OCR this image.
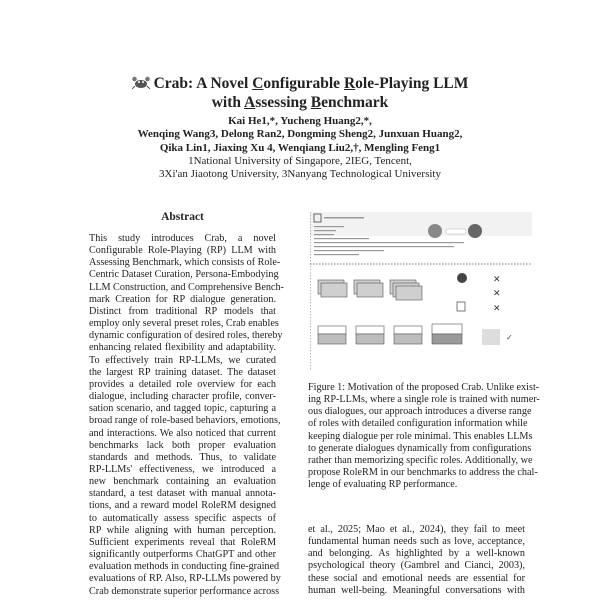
Crab: A Novel Configurable Role-Playing LLM
with Assessing Benchmark
Kai He1,*, Yucheng Huang2,*,
Wenqing Wang3, Delong Ran2, Dongming Sheng2, Junxuan Huang2,
Qika Lin1, Jiaxing Xu 4, Wenqiang Liu2,†, Mengling Feng1
1National University of Singapore, 2IEG, Tencent,
3Xi'an Jiaotong University, 3Nanyang Technological University
Abstract
This study introduces Crab, a novel
Configurable Role-Playing (RP) LLM with
Assessing Benchmark, which consists of Role-
Centric Dataset Curation, Persona-Embodying
LLM Construction, and Comprehensive Bench-
mark Creation for RP dialogue generation.
Distinct from traditional RP models that
employ only several preset roles, Crab enables
dynamic configuration of desired roles, thereby
enhancing related flexibility and adaptability.
To effectively train RP-LLMs, we curated
the largest RP training dataset. The dataset
provides a detailed role overview for each
dialogue, including character profile, conver-
sation scenario, and tagged topic, capturing a
broad range of role-based behaviors, emotions,
and interactions. We also noticed that current
benchmarks lack both proper evaluation
standards and methods. Thus, to validate
RP-LLMs' effectiveness, we introduced a
new benchmark containing an evaluation
standard, a test dataset with manual annota-
tions, and a reward model RoleRM designed
to automatically assess specific aspects of
RP while aligning with human perception.
Sufficient experiments reveal that RoleRM
significantly outperforms ChatGPT and other
evaluation methods in conducting fine-grained
evaluations of RP. Also, RP-LLMs powered by
Crab demonstrate superior performance across
✕
✕
✕
✓
Figure 1: Motivation of the proposed Crab. Unlike exist-
ing RP-LLMs, where a single role is trained with numer-
ous dialogues, our approach introduces a diverse range
of roles with detailed configuration information while
keeping dialogue per role minimal. This enables LLMs
to generate dialogues dynamically from configurations
rather than memorizing specific roles. Additionally, we
propose RoleRM in our benchmarks to address the chal-
lenge of evaluating RP performance.
et al., 2025; Mao et al., 2024), they fail to meet
fundamental human needs such as love, acceptance,
and belonging. As highlighted by a well-known
psychological theory (Gambrel and Cianci, 2003),
these social and emotional needs are essential for
human well-being. Meaningful conversations with
